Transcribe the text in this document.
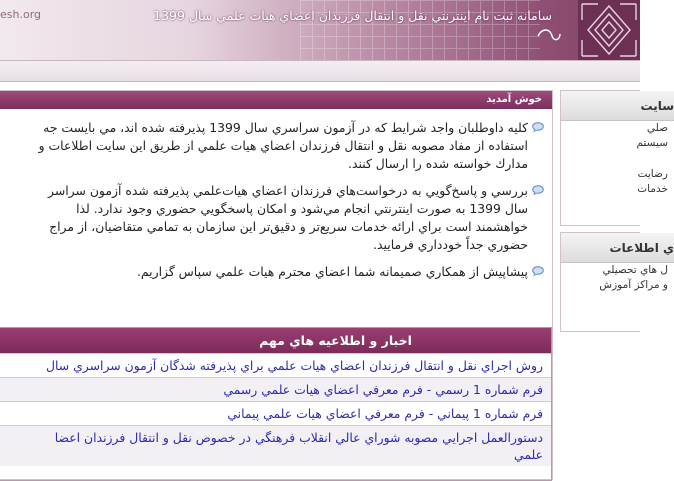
esh.org	سامانه ثبت نام اينترنتي نقل و انتقال فرزندان اعضاي هيات علمي سال 1399
خوش آمدید
كليه داوطلبان واجد شرايط كه در آزمون سراسري سال 1399 پذيرفته شده اند، مي بايست جه
استفاده از مفاد مصوبه نقل و انتقال فرزندان اعضاي هيات علمي از طريق اين سايت اطلاعات و
مدارك خواسته شده را ارسال كنند.
بررسي و پاسخ‌گويي به درخواست‌هاي فرزندان اعضاي هيات‌علمي پذيرفته شده آزمون سراسر
سال 1399 به صورت اينترنتي انجام مي‌شود و امكان پاسخگويي حضوري وجود ندارد. لذا
خواهشمند است براي ارائه خدمات سريع‌تر و دقيق‌تر اين سازمان به تمامي متقاضيان، از مراج
حضوري جداً خودداري فرماييد.
پيشاپيش از همكاري صميمانه شما اعضاي محترم هيات علمي سپاس گزاريم.
اخبار و اطلاعيه هاي مهم
روش اجراي نقل و انتقال فرزندان اعضاي هيات علمي براي پذيرفته شدگان آزمون سراسري سال
فرم شماره 1 رسمي - فرم معرفي اعضاي هيات علمي رسمي
فرم شماره 1 پيماني - فرم معرفي اعضاي هيات علمي پيماني
دستورالعمل اجرايي مصوبه شوراي عالي انقلاب فرهنگي در خصوص نقل و انتقال فرزندان اعضا
علمي
سايت
صلي
سيستم
رضايت
خدمات
ي اطلاعات
ل هاي تحصيلي
و مراكز آموزش
